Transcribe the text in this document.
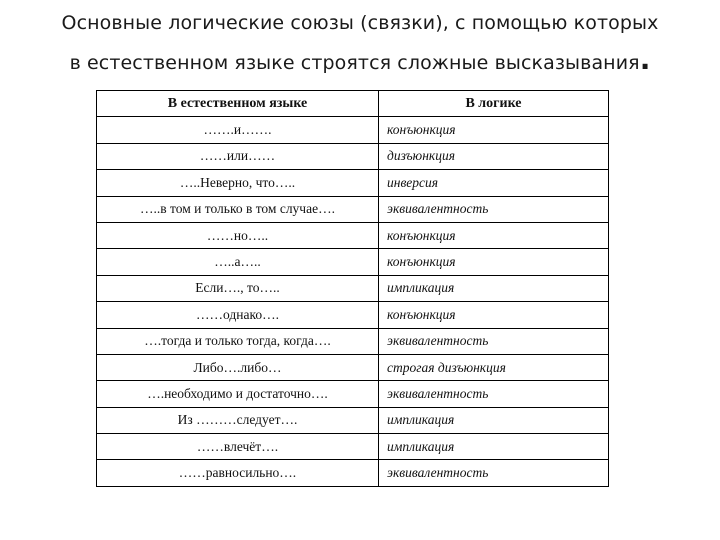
Основные логические союзы (связки), с помощью которых
в естественном языке строятся сложные высказывания.
В естественном языке	В логике
…….и…….	конъюнкция
……или……	дизъюнкция
…..Неверно, что…..	инверсия
…..в том и только в том случае….	эквивалентность
……но…..	конъюнкция
…..а…..	конъюнкция
Если…., то…..	импликация
……однако….	конъюнкция
….тогда и только тогда, когда….	эквивалентность
Либо….либо…	строгая дизъюнкция
….необходимо и достаточно….	эквивалентность
Из ………следует….	импликация
……влечёт….	импликация
……равносильно….	эквивалентность
